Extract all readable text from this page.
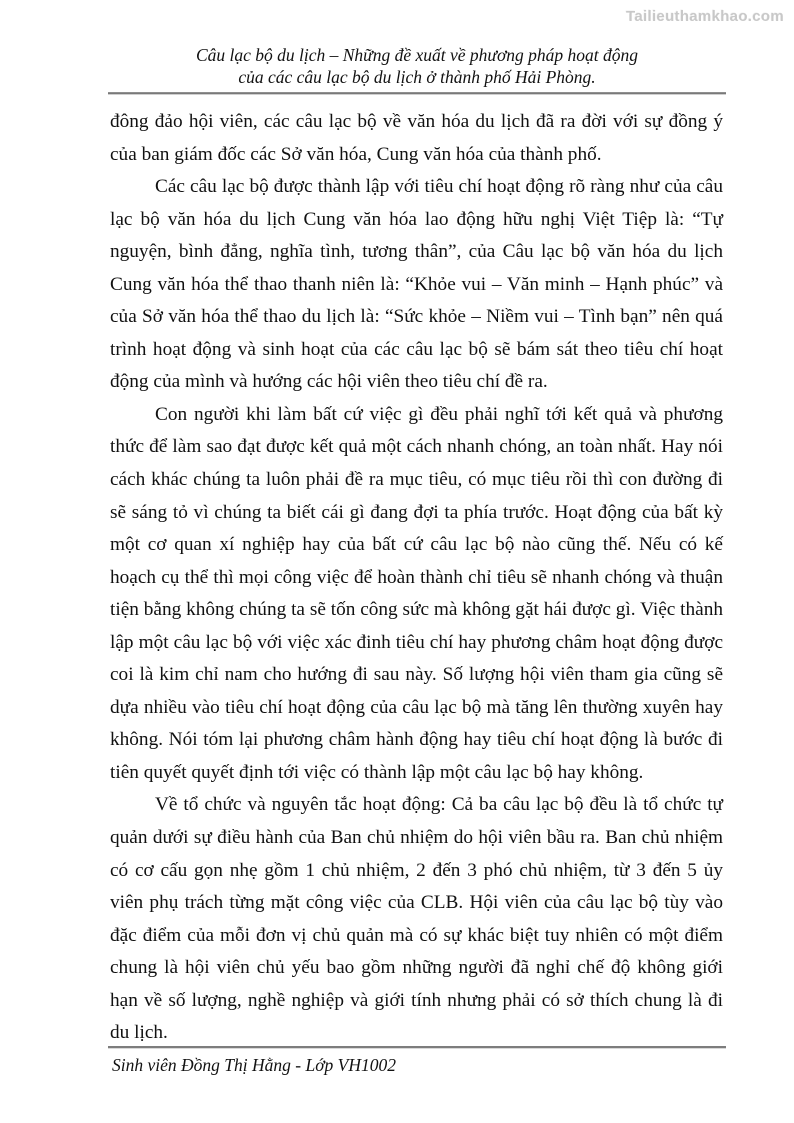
Tailieuthamkhao.com
Câu lạc bộ du lịch – Những đề xuất về phương pháp hoạt động
của các câu lạc bộ du lịch ở thành phố Hải Phòng.

đông đảo hội viên, các câu lạc bộ về văn hóa du lịch đã ra đời với sự đồng ý của ban giám đốc các Sở văn hóa, Cung văn hóa của thành phố.

Các câu lạc bộ được thành lập với tiêu chí hoạt động rõ ràng như của câu lạc bộ văn hóa du lịch Cung văn hóa lao động hữu nghị Việt Tiệp là: “Tự nguyện, bình đẳng, nghĩa tình, tương thân”, của Câu lạc bộ văn hóa du lịch Cung văn hóa thể thao thanh niên là: “Khỏe vui – Văn minh – Hạnh phúc” và của Sở văn hóa thể thao du lịch là: “Sức khỏe – Niềm vui – Tình bạn” nên quá trình hoạt động và sinh hoạt của các câu lạc bộ sẽ bám sát theo tiêu chí hoạt động của mình và hướng các hội viên theo tiêu chí đề ra.

Con người khi làm bất cứ việc gì đều phải nghĩ tới kết quả và phương thức để làm sao đạt được kết quả một cách nhanh chóng, an toàn nhất. Hay nói cách khác chúng ta luôn phải đề ra mục tiêu, có mục tiêu rồi thì con đường đi sẽ sáng tỏ vì chúng ta biết cái gì đang đợi ta phía trước. Hoạt động của bất kỳ một cơ quan xí nghiệp hay của bất cứ câu lạc bộ nào cũng thế. Nếu có kế hoạch cụ thể thì mọi công việc để hoàn thành chỉ tiêu sẽ nhanh chóng và thuận tiện bằng không chúng ta sẽ tốn công sức mà không gặt hái được gì. Việc thành lập một câu lạc bộ với việc xác đinh tiêu chí hay phương châm hoạt động được coi là kim chỉ nam cho hướng đi sau này. Số lượng hội viên tham gia cũng sẽ dựa nhiều vào tiêu chí hoạt động của câu lạc bộ mà tăng lên thường xuyên hay không. Nói tóm lại phương châm hành động hay tiêu chí hoạt động là bước đi tiên quyết quyết định tới việc có thành lập một câu lạc bộ hay không.

Về tổ chức và nguyên tắc hoạt động: Cả ba câu lạc bộ đều là tổ chức tự quản dưới sự điều hành của Ban chủ nhiệm do hội viên bầu ra. Ban chủ nhiệm có cơ cấu gọn nhẹ gồm 1 chủ nhiệm, 2 đến 3 phó chủ nhiệm, từ 3 đến 5 ủy viên phụ trách từng mặt công việc của CLB. Hội viên của câu lạc bộ tùy vào đặc điểm của mỗi đơn vị chủ quản mà có sự khác biệt tuy nhiên có một điểm chung là hội viên chủ yếu bao gồm những người đã nghỉ chế độ không giới hạn về số lượng, nghề nghiệp và giới tính nhưng phải có sở thích chung là đi du lịch.

Sinh viên Đồng Thị Hằng - Lớp VH1002
